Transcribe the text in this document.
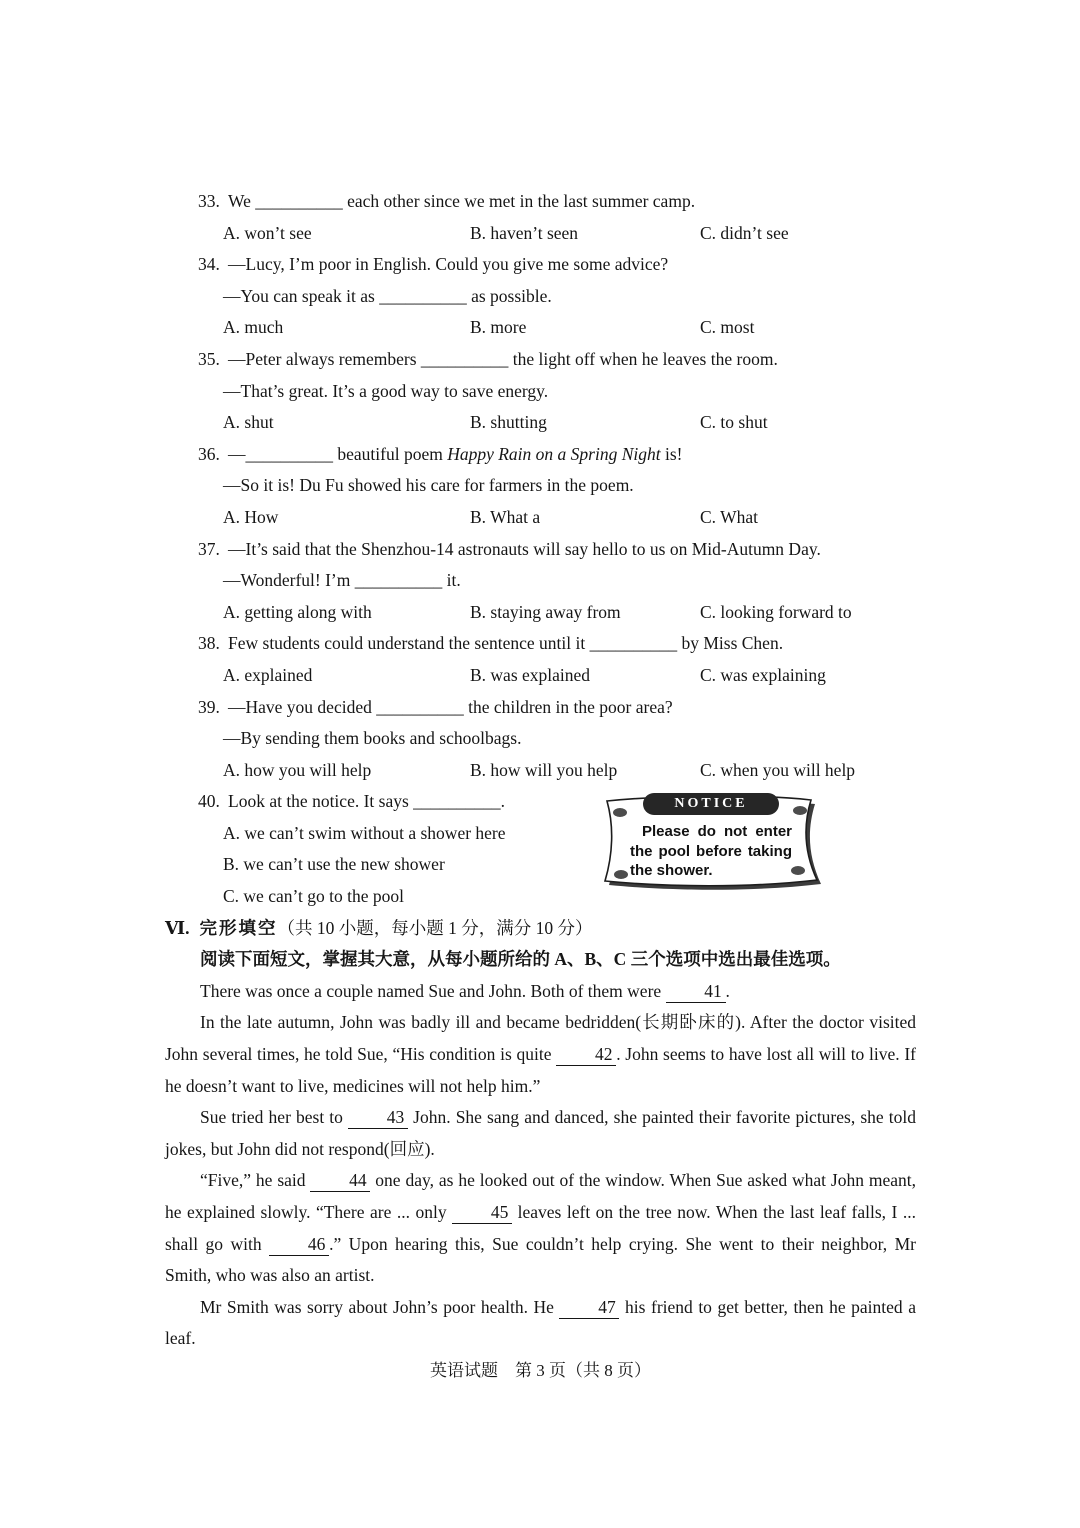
33. We __________ each other since we met in the last summer camp.
A. won’t see	B. haven’t seen	C. didn’t see
34. —Lucy, I’m poor in English. Could you give me some advice?
—You can speak it as __________ as possible.
A. much	B. more	C. most
35. —Peter always remembers __________ the light off when he leaves the room.
—That’s great. It’s a good way to save energy.
A. shut	B. shutting	C. to shut
36. —__________ beautiful poem Happy Rain on a Spring Night is!
—So it is! Du Fu showed his care for farmers in the poem.
A. How	B. What a	C. What
37. —It’s said that the Shenzhou-14 astronauts will say hello to us on Mid-Autumn Day.
—Wonderful! I’m __________ it.
A. getting along with	B. staying away from	C. looking forward to
38. Few students could understand the sentence until it __________ by Miss Chen.
A. explained	B. was explained	C. was explaining
39. —Have you decided __________ the children in the poor area?
—By sending them books and schoolbags.
A. how you will help	B. how will you help	C. when you will help
40. Look at the notice. It says __________.
A. we can’t swim without a shower here
B. we can’t use the new shower
C. we can’t go to the pool
NOTICE
Please do not enter the pool before taking the shower.
Ⅵ. 完形填空（共 10 小题，每小题 1 分，满分 10 分）
阅读下面短文，掌握其大意，从每小题所给的 A、B、C 三个选项中选出最佳选项。

There was once a couple named Sue and John. Both of them were 41 .

In the late autumn, John was badly ill and became bedridden(长期卧床的). After the doctor visited John several times, he told Sue, “His condition is quite 42 . John seems to have lost all will to live. If he doesn’t want to live, medicines will not help him.”

Sue tried her best to 43 John. She sang and danced, she painted their favorite pictures, she told jokes, but John did not respond(回应).

“Five,” he said 44 one day, as he looked out of the window. When Sue asked what John meant, he explained slowly. “There are ... only 45 leaves left on the tree now. When the last leaf falls, I ... shall go with 46 .” Upon hearing this, Sue couldn’t help crying. She went to their neighbor, Mr Smith, who was also an artist.

Mr Smith was sorry about John’s poor health. He 47 his friend to get better, then he painted a leaf.

英语试题　第 3 页（共 8 页）
